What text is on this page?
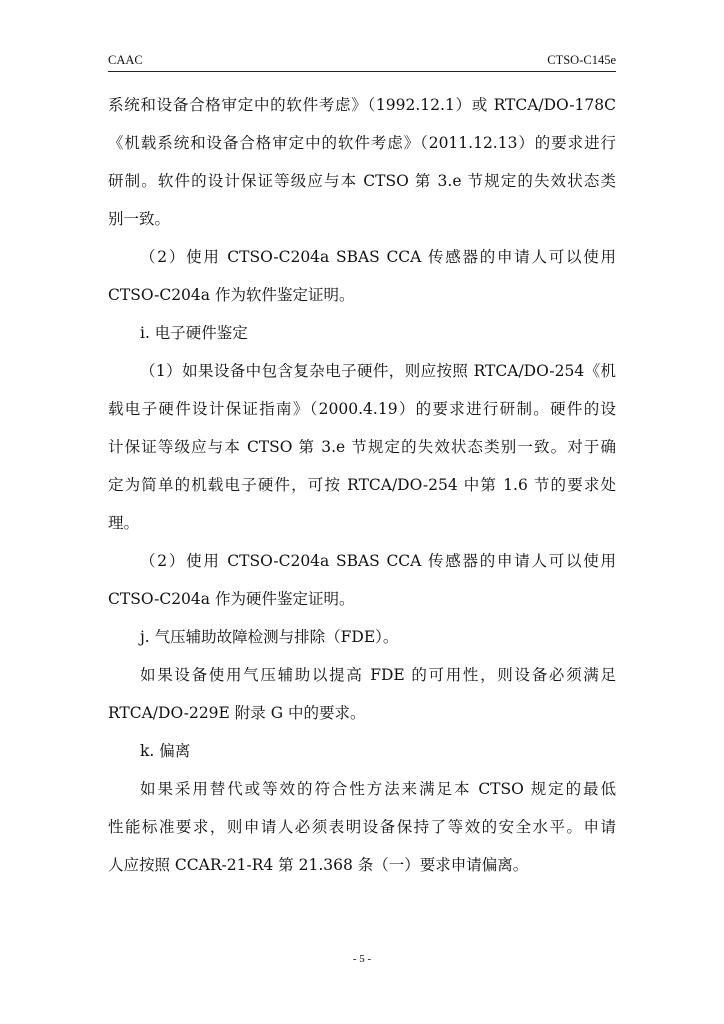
CAAC	CTSO-C145e
系统和设备合格审定中的软件考虑》（1992.12.1）或 RTCA/DO-178C
《机载系统和设备合格审定中的软件考虑》（2011.12.13）的要求进行
研制。软件的设计保证等级应与本 CTSO 第 3.e 节规定的失效状态类
别一致。
（2）使用 CTSO-C204a SBAS CCA 传感器的申请人可以使用
CTSO-C204a 作为软件鉴定证明。
i. 电子硬件鉴定
（1）如果设备中包含复杂电子硬件，则应按照 RTCA/DO-254《机
载电子硬件设计保证指南》（2000.4.19）的要求进行研制。硬件的设
计保证等级应与本 CTSO 第 3.e 节规定的失效状态类别一致。对于确
定为简单的机载电子硬件，可按 RTCA/DO-254 中第 1.6 节的要求处
理。
（2）使用 CTSO-C204a SBAS CCA 传感器的申请人可以使用
CTSO-C204a 作为硬件鉴定证明。
j. 气压辅助故障检测与排除（FDE）。
如果设备使用气压辅助以提高 FDE 的可用性，则设备必须满足
RTCA/DO-229E 附录 G 中的要求。
k. 偏离
如果采用替代或等效的符合性方法来满足本 CTSO 规定的最低
性能标准要求，则申请人必须表明设备保持了等效的安全水平。申请
人应按照 CCAR-21-R4 第 21.368 条（一）要求申请偏离。
- 5 -
